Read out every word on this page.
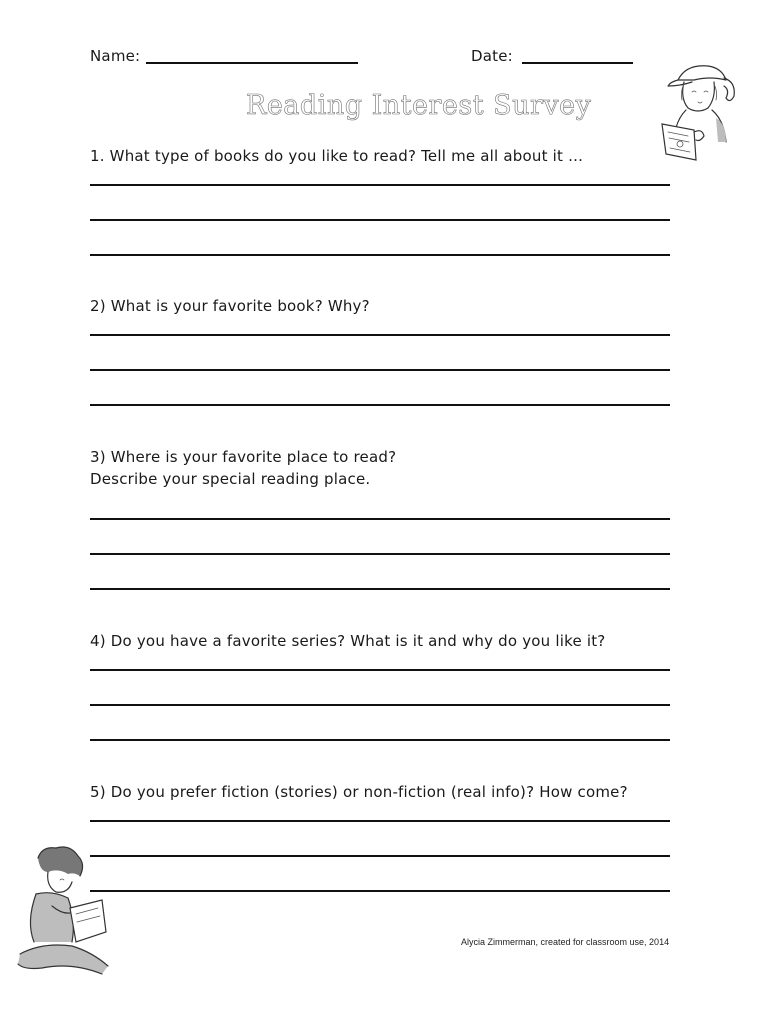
Name:	Date:
Reading Interest Survey
1. What type of books do you like to read? Tell me all about it …
2) What is your favorite book? Why?
3) Where is your favorite place to read?
Describe your special reading place.
4) Do you have a favorite series? What is it and why do you like it?
5) Do you prefer fiction (stories) or non-fiction (real info)? How come?
Alycia Zimmerman, created for classroom use, 2014
